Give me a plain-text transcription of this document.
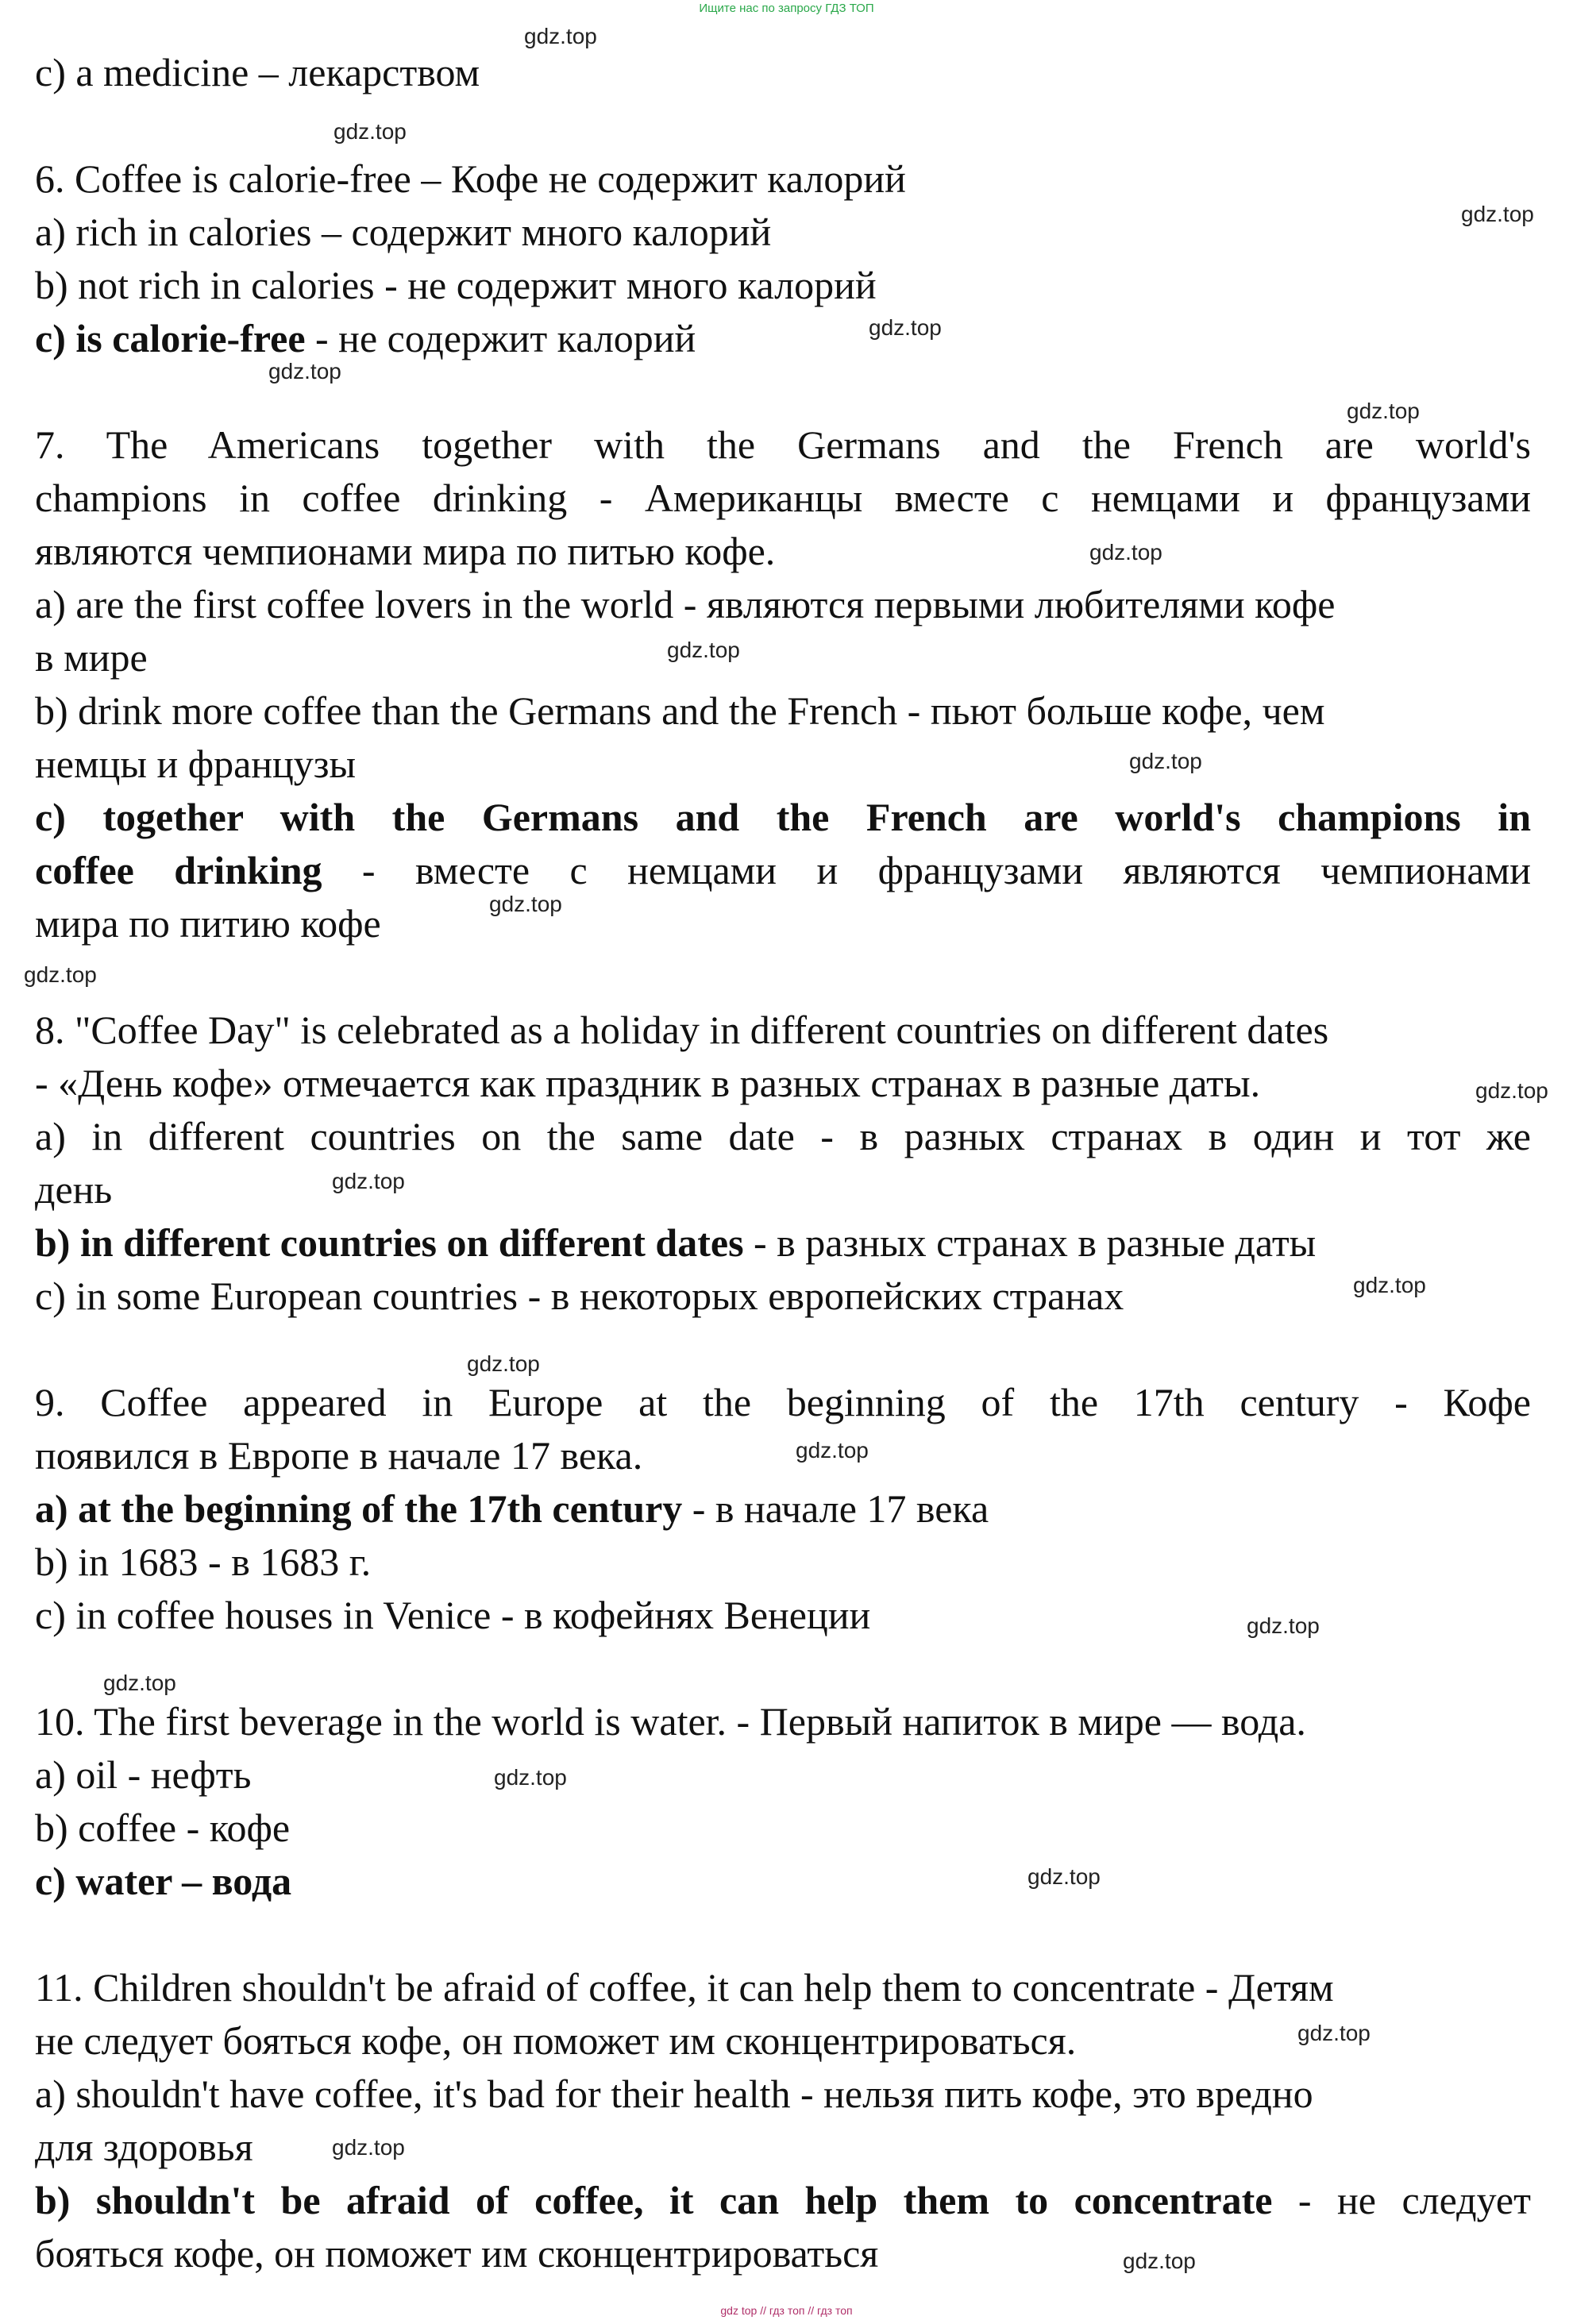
Ищите нас по запросу ГДЗ ТОП
c) a medicine – лекарством
6. Coffee is calorie-free – Кофе не содержит калорий
a) rich in calories – содержит много калорий
b) not rich in calories - не содержит много калорий
c) is calorie-free - не содержит калорий
7. The Americans together with the Germans and the French are world's
champions in coffee drinking - Американцы вместе с немцами и французами
являются чемпионами мира по питью кофе.
a) are the first coffee lovers in the world - являются первыми любителями кофе
в мире
b) drink more coffee than the Germans and the French - пьют больше кофе, чем
немцы и французы
c) together with the Germans and the French are world's champions in
coffee drinking - вместе с немцами и французами являются чемпионами
мира по питию кофе
8. "Coffee Day" is celebrated as a holiday in different countries on different dates
- «День кофе» отмечается как праздник в разных странах в разные даты.
a) in different countries on the same date - в разных странах в один и тот же
день
b) in different countries on different dates - в разных странах в разные даты
c) in some European countries - в некоторых европейских странах
9. Coffee appeared in Europe at the beginning of the 17th century - Кофе
появился в Европе в начале 17 века.
a) at the beginning of the 17th century - в начале 17 века
b) in 1683 - в 1683 г.
c) in coffee houses in Venice - в кофейнях Венеции
10. The first beverage in the world is water. - Первый напиток в мире — вода.
a) oil - нефть
b) coffee - кофе
c) water – вода
11. Children shouldn't be afraid of coffee, it can help them to concentrate - Детям
не следует бояться кофе, он поможет им сконцентрироваться.
a) shouldn't have coffee, it's bad for their health - нельзя пить кофе, это вредно
для здоровья
b) shouldn't be afraid of coffee, it can help them to concentrate - не следует
бояться кофе, он поможет им сконцентрироваться
gdz.top
gdz.top
gdz.top
gdz.top
gdz.top
gdz.top
gdz.top
gdz.top
gdz.top
gdz.top
gdz.top
gdz.top
gdz.top
gdz.top
gdz.top
gdz.top
gdz.top
gdz.top
gdz.top
gdz.top
gdz.top
gdz.top
gdz.top
gdz top // гдз топ // гдз топ
